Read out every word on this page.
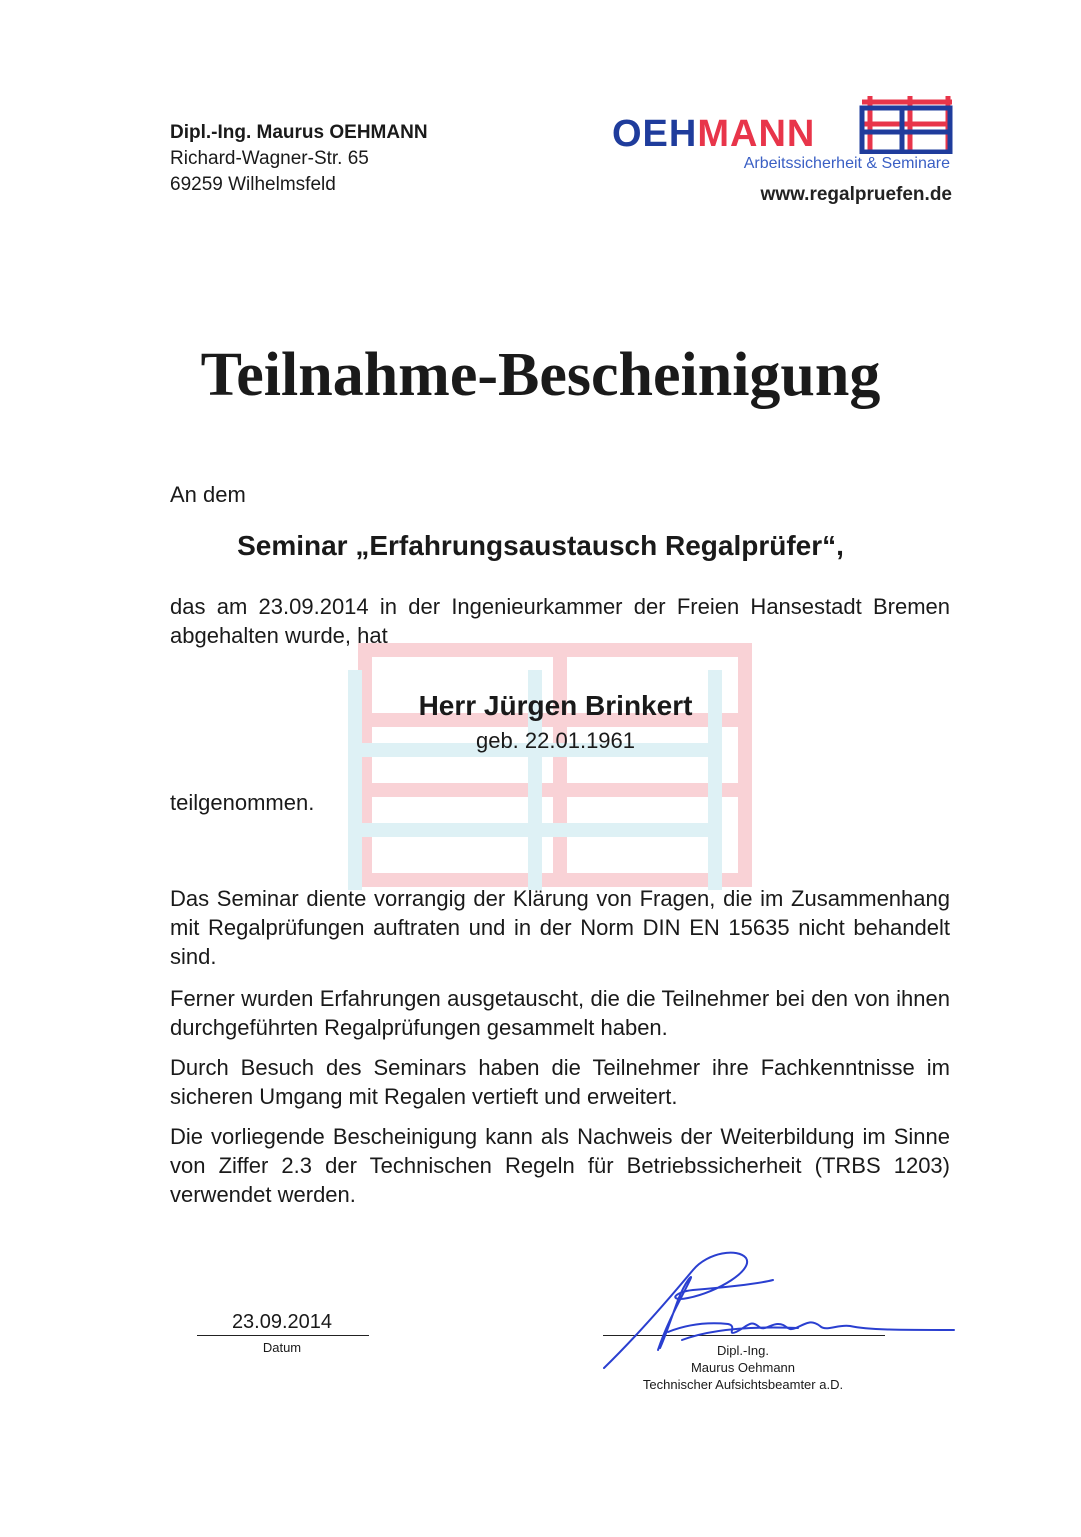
Dipl.-Ing. Maurus OEHMANN
Richard-Wagner-Str. 65
69259 Wilhelmsfeld
OEHMANN
Arbeitssicherheit & Seminare
www.regalpruefen.de
Teilnahme-Bescheinigung
An dem
Seminar „Erfahrungsaustausch Regalprüfer“,
das am 23.09.2014 in der Ingenieurkammer der Freien Hansestadt Bremen abgehalten wurde, hat
Herr Jürgen Brinkert
geb. 22.01.1961
teilgenommen.
Das Seminar diente vorrangig der Klärung von Fragen, die im Zusammenhang mit Regalprüfungen auftraten und in der Norm DIN EN 15635 nicht behandelt sind.
Ferner wurden Erfahrungen ausgetauscht, die die Teilnehmer bei den von ihnen durchgeführten Regalprüfungen gesammelt haben.
Durch Besuch des Seminars haben die Teilnehmer ihre Fachkenntnisse im sicheren Umgang mit Regalen vertieft und erweitert.
Die vorliegende Bescheinigung kann als Nachweis der Weiterbildung im Sinne von Ziffer 2.3 der Technischen Regeln für Betriebssicherheit (TRBS 1203) verwendet werden.
23.09.2014
Datum	Dipl.-Ing.
Maurus Oehmann
Technischer Aufsichtsbeamter a.D.
